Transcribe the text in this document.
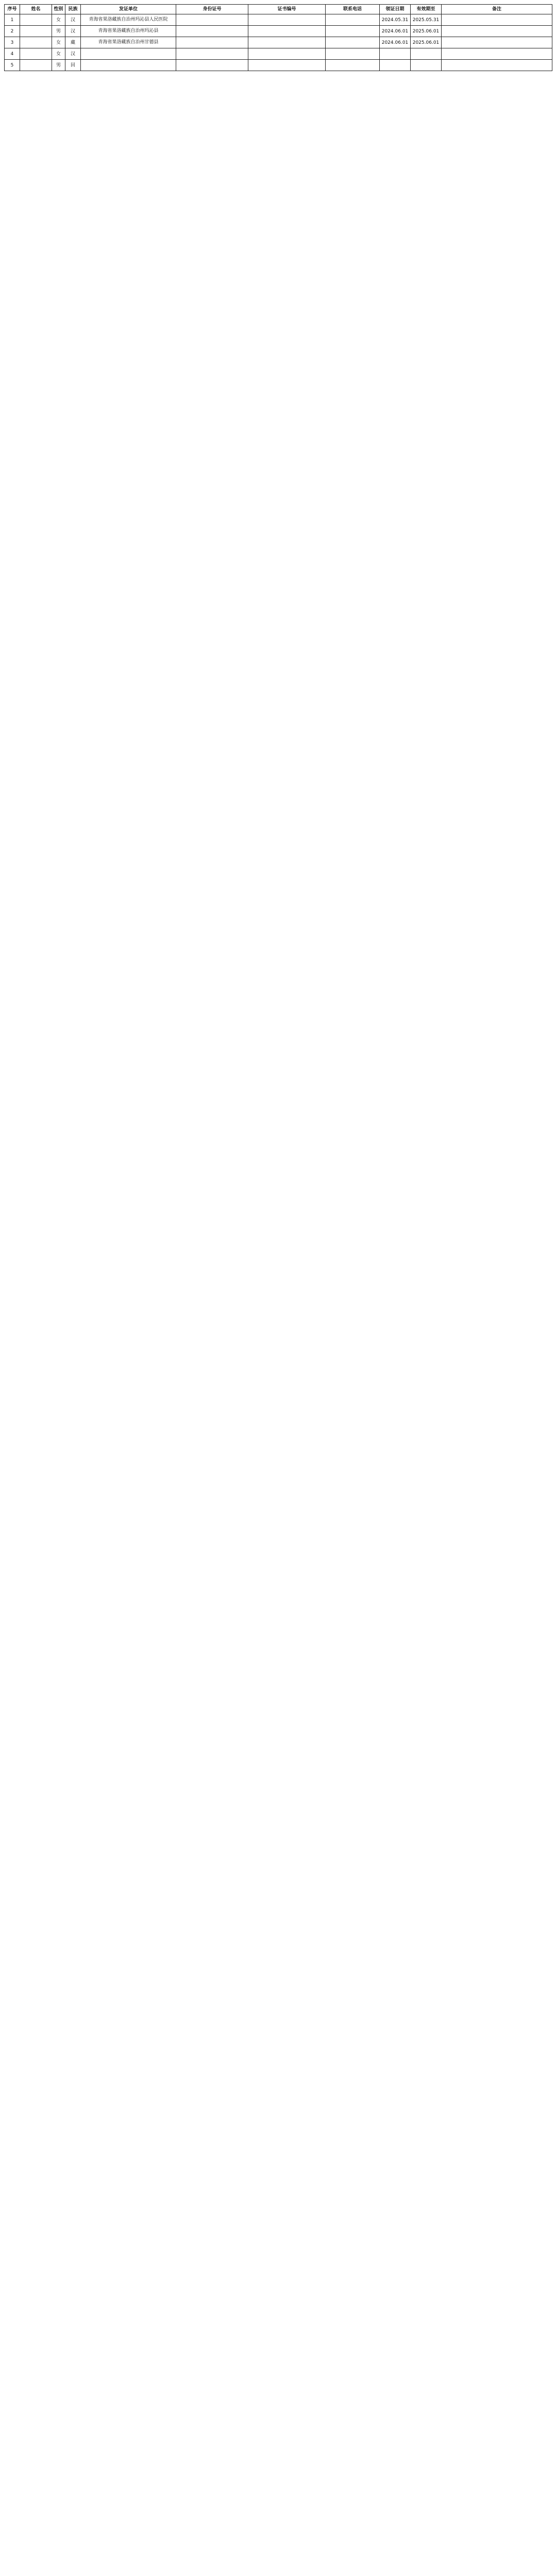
序号	姓名	性别	民族	发证单位	身份证号	证书编号	联系电话	领证日期	有效期至	备注
1		女	汉	青海省果洛藏族自治州玛沁县人民医院				2024.05.31	2025.05.31	
2		男	汉	青海省果洛藏族自治州玛沁县				2024.06.01	2025.06.01	
3		女	藏	青海省果洛藏族自治州甘德县				2024.06.01	2025.06.01	
4		女	汉							
5		男	回							
